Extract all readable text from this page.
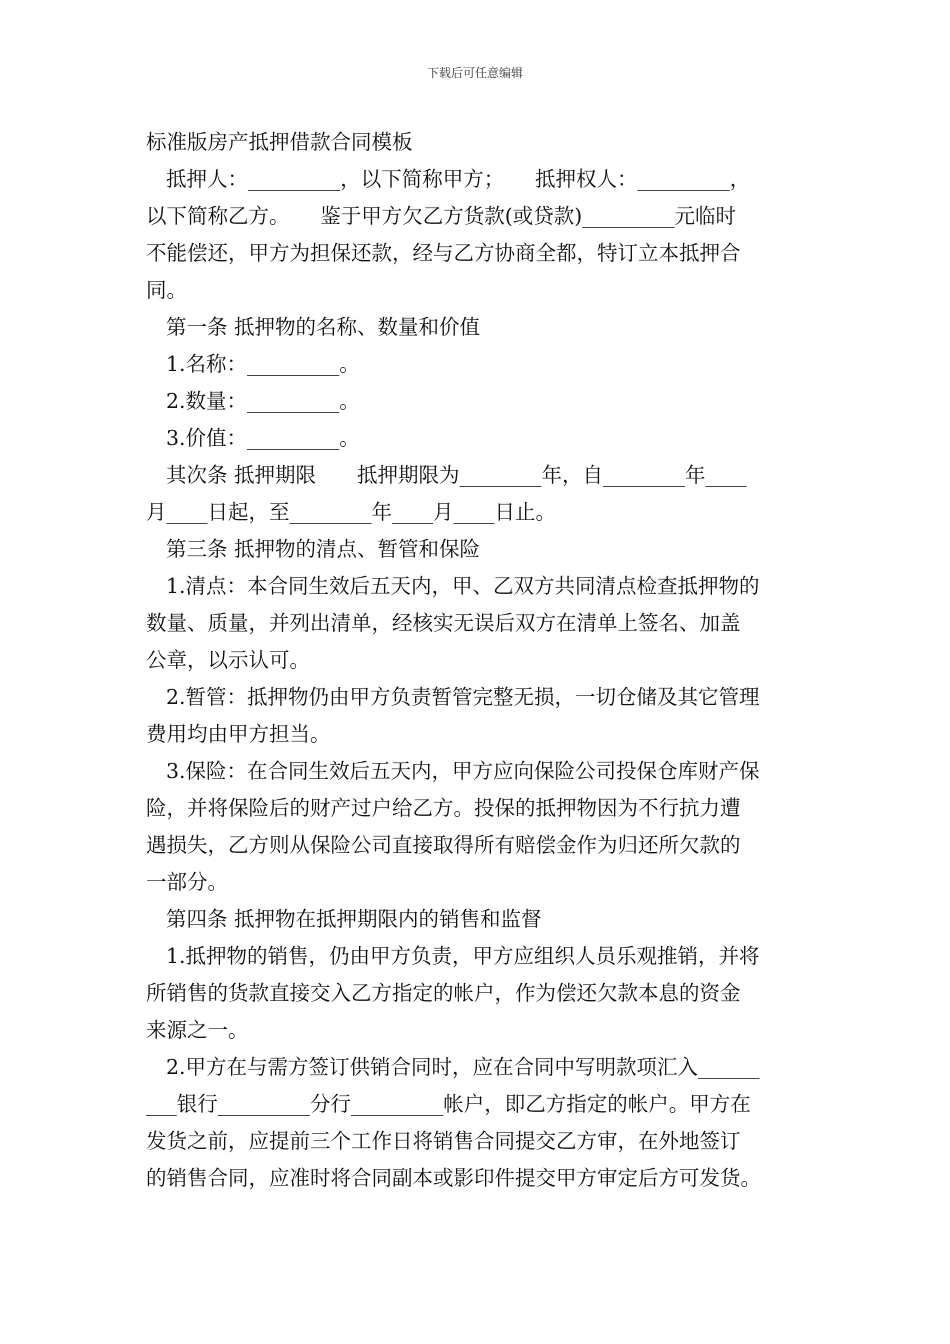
下载后可任意编辑
标准版房产抵押借款合同模板
抵押人：_________，以下简称甲方；　　抵押权人：_________，
以下简称乙方。　　鉴于甲方欠乙方货款(或贷款)_________元临时
不能偿还，甲方为担保还款，经与乙方协商全都，特订立本抵押合
同。
第一条 抵押物的名称、数量和价值
1.名称：_________。
2.数量：_________。
3.价值：_________。
其次条 抵押期限　　抵押期限为________年，自________年____
月____日起，至________年____月____日止。
第三条 抵押物的清点、暂管和保险
1.清点：本合同生效后五天内，甲、乙双方共同清点检查抵押物的
数量、质量，并列出清单，经核实无误后双方在清单上签名、加盖
公章，以示认可。
2.暂管：抵押物仍由甲方负责暂管完整无损，一切仓储及其它管理
费用均由甲方担当。
3.保险：在合同生效后五天内，甲方应向保险公司投保仓库财产保
险，并将保险后的财产过户给乙方。投保的抵押物因为不行抗力遭
遇损失，乙方则从保险公司直接取得所有赔偿金作为归还所欠款的
一部分。
第四条 抵押物在抵押期限内的销售和监督
1.抵押物的销售，仍由甲方负责，甲方应组织人员乐观推销，并将
所销售的货款直接交入乙方指定的帐户，作为偿还欠款本息的资金
来源之一。
2.甲方在与需方签订供销合同时，应在合同中写明款项汇入______
___银行_________分行_________帐户，即乙方指定的帐户。甲方在
发货之前，应提前三个工作日将销售合同提交乙方审，在外地签订
的销售合同，应准时将合同副本或影印件提交甲方审定后方可发货。
